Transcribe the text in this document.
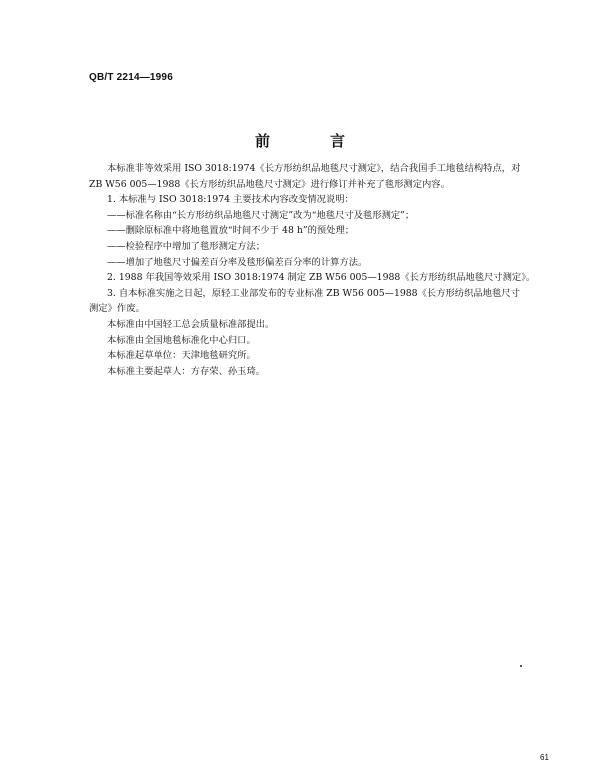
QB/T 2214—1996
前	言

本标准非等效采用 ISO 3018:1974《长方形纺织品地毯尺寸测定》，结合我国手工地毯结构特点，对

ZB W56 005—1988《长方形纺织品地毯尺寸测定》进行修订并补充了毯形测定内容。

1. 本标准与 ISO 3018:1974 主要技术内容改变情况说明：

——标准名称由“长方形纺织品地毯尺寸测定”改为“地毯尺寸及毯形测定”；

——删除原标准中将地毯置放“时间不少于 48 h”的预处理；

——检验程序中增加了毯形测定方法；

——增加了地毯尺寸偏差百分率及毯形偏差百分率的计算方法。

2. 1988 年我国等效采用 ISO 3018:1974 制定 ZB W56 005—1988《长方形纺织品地毯尺寸测定》。

3. 自本标准实施之日起，原轻工业部发布的专业标准 ZB W56 005—1988《长方形纺织品地毯尺寸

测定》作废。

本标准由中国轻工总会质量标准部提出。

本标准由全国地毯标准化中心归口。

本标准起草单位：天津地毯研究所。

本标准主要起草人：方存荣、孙玉琦。

61
